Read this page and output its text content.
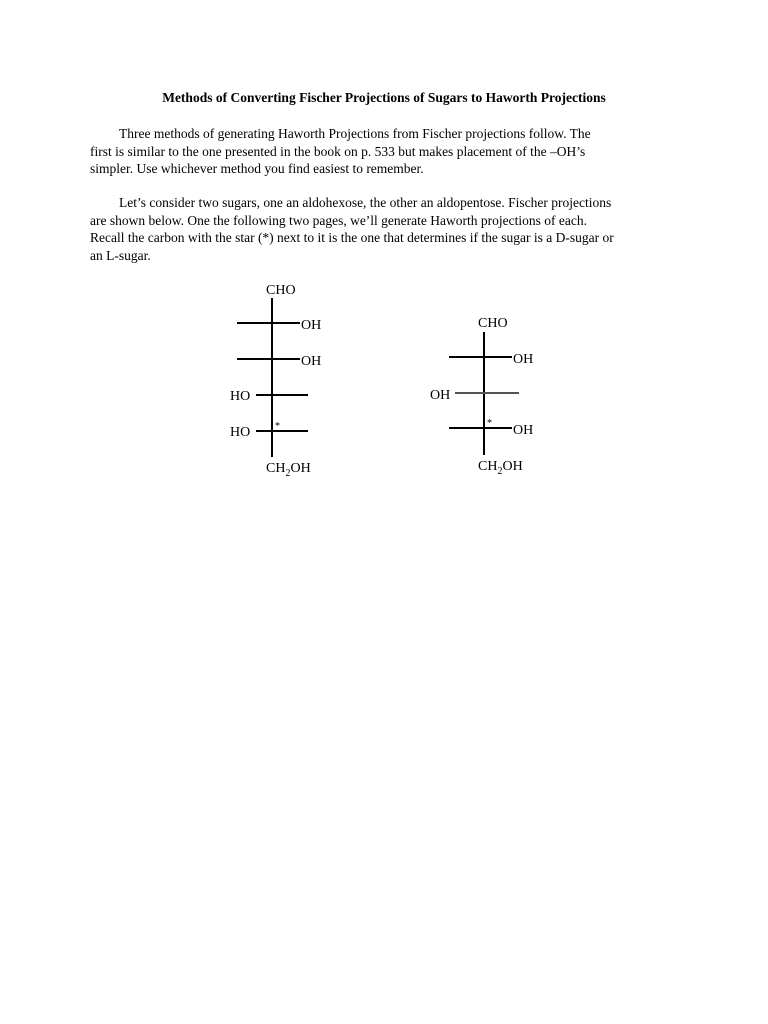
Methods of Converting Fischer Projections of Sugars to Haworth Projections

Three methods of generating Haworth Projections from Fischer projections follow. The

first is similar to the one presented in the book on p. 533 but makes placement of the –OH’s

simpler. Use whichever method you find easiest to remember.

Let’s consider two sugars, one an aldohexose, the other an aldopentose. Fischer projections

are shown below. One the following two pages, we’ll generate Haworth projections of each.

Recall the carbon with the star (*) next to it is the one that determines if the sugar is a D-sugar or

an L-sugar.

CHO
OH
OH
HO
HO *
$CH_2OH$
CHO
OH
OH
OH
*
$CH_2OH$
